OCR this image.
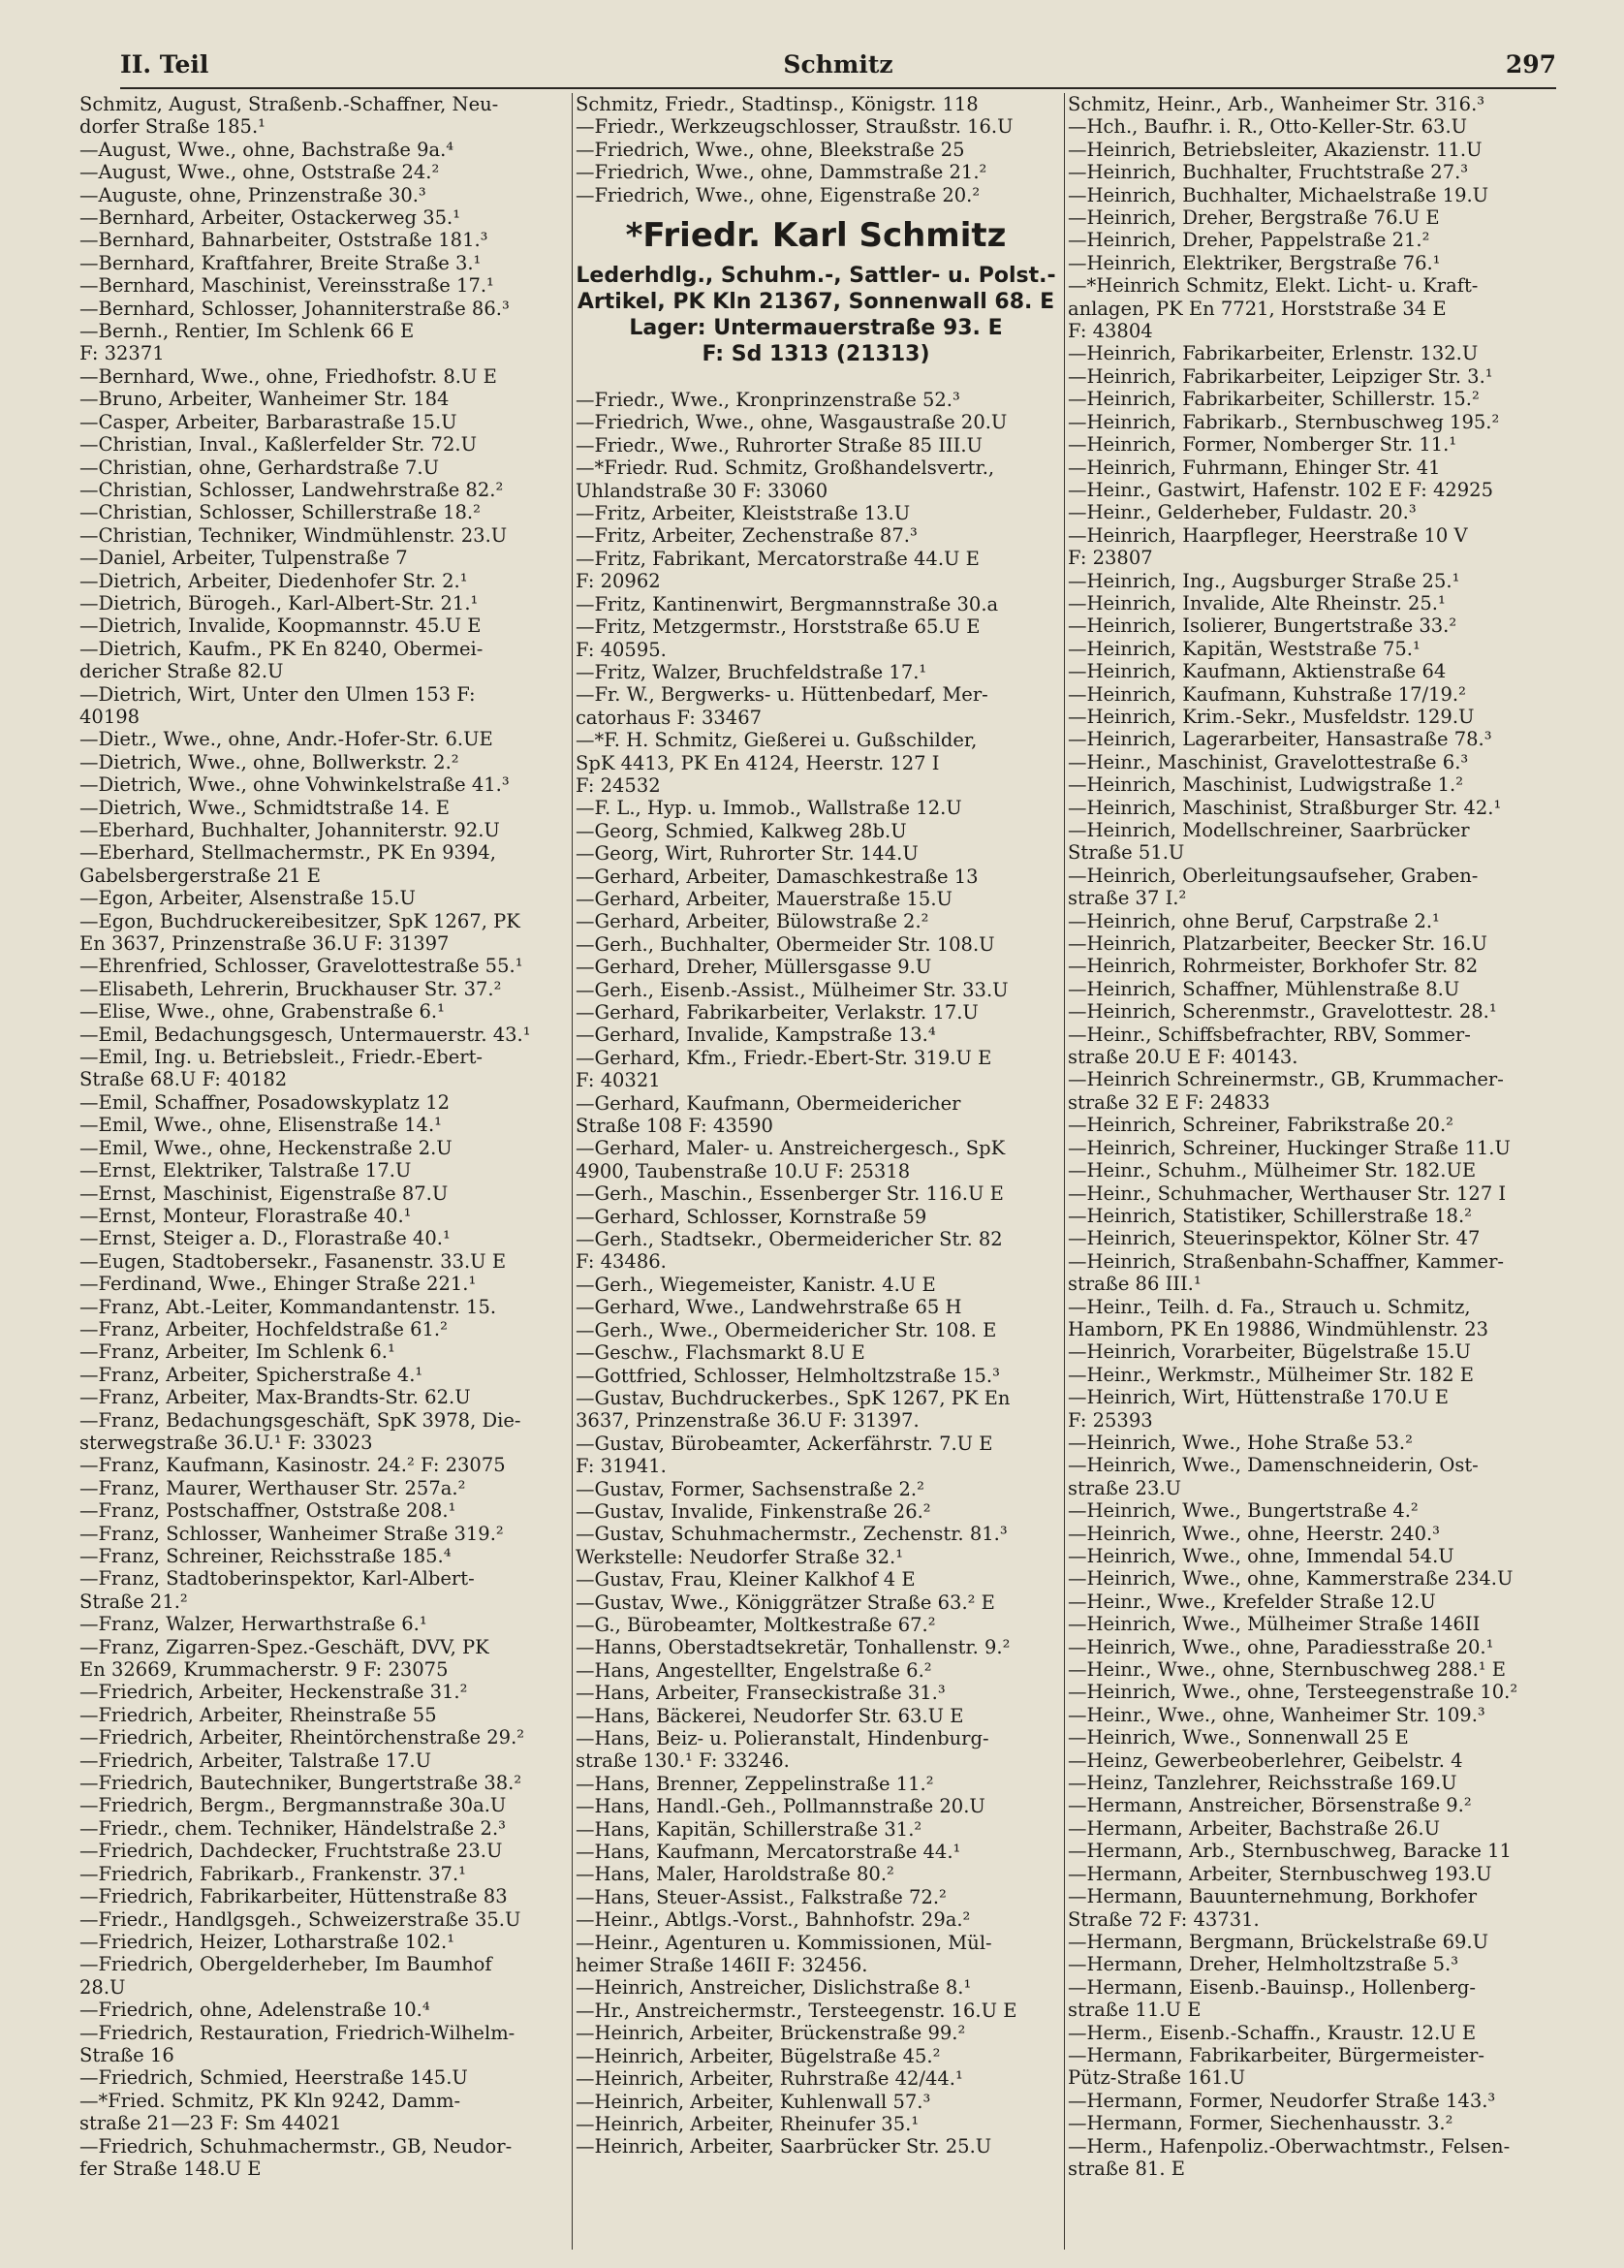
II. Teil	Schmitz	297
Schmitz, August, Straßenb.-Schaffner, Neu-
dorfer Straße 185.¹
—August, Wwe., ohne, Bachstraße 9a.⁴
—August, Wwe., ohne, Oststraße 24.²
—Auguste, ohne, Prinzenstraße 30.³
—Bernhard, Arbeiter, Ostackerweg 35.¹
—Bernhard, Bahnarbeiter, Oststraße 181.³
—Bernhard, Kraftfahrer, Breite Straße 3.¹
—Bernhard, Maschinist, Vereinsstraße 17.¹
—Bernhard, Schlosser, Johanniterstraße 86.³
—Bernh., Rentier, Im Schlenk 66 E
F: 32371
—Bernhard, Wwe., ohne, Friedhofstr. 8.U E
—Bruno, Arbeiter, Wanheimer Str. 184
—Casper, Arbeiter, Barbarastraße 15.U
—Christian, Inval., Kaßlerfelder Str. 72.U
—Christian, ohne, Gerhardstraße 7.U
—Christian, Schlosser, Landwehrstraße 82.²
—Christian, Schlosser, Schillerstraße 18.²
—Christian, Techniker, Windmühlenstr. 23.U
—Daniel, Arbeiter, Tulpenstraße 7
—Dietrich, Arbeiter, Diedenhofer Str. 2.¹
—Dietrich, Bürogeh., Karl-Albert-Str. 21.¹
—Dietrich, Invalide, Koopmannstr. 45.U E
—Dietrich, Kaufm., PK En 8240, Obermei-
dericher Straße 82.U
—Dietrich, Wirt, Unter den Ulmen 153 F:
40198
—Dietr., Wwe., ohne, Andr.-Hofer-Str. 6.UE
—Dietrich, Wwe., ohne, Bollwerkstr. 2.²
—Dietrich, Wwe., ohne Vohwinkelstraße 41.³
—Dietrich, Wwe., Schmidtstraße 14. E
—Eberhard, Buchhalter, Johanniterstr. 92.U
—Eberhard, Stellmachermstr., PK En 9394,
Gabelsbergerstraße 21 E
—Egon, Arbeiter, Alsenstraße 15.U
—Egon, Buchdruckereibesitzer, SpK 1267, PK
En 3637, Prinzenstraße 36.U F: 31397
—Ehrenfried, Schlosser, Gravelottestraße 55.¹
—Elisabeth, Lehrerin, Bruckhauser Str. 37.²
—Elise, Wwe., ohne, Grabenstraße 6.¹
—Emil, Bedachungsgesch, Untermauerstr. 43.¹
—Emil, Ing. u. Betriebsleit., Friedr.-Ebert-
Straße 68.U F: 40182
—Emil, Schaffner, Posadowskyplatz 12
—Emil, Wwe., ohne, Elisenstraße 14.¹
—Emil, Wwe., ohne, Heckenstraße 2.U
—Ernst, Elektriker, Talstraße 17.U
—Ernst, Maschinist, Eigenstraße 87.U
—Ernst, Monteur, Florastraße 40.¹
—Ernst, Steiger a. D., Florastraße 40.¹
—Eugen, Stadtobersekr., Fasanenstr. 33.U E
—Ferdinand, Wwe., Ehinger Straße 221.¹
—Franz, Abt.-Leiter, Kommandantenstr. 15.
—Franz, Arbeiter, Hochfeldstraße 61.²
—Franz, Arbeiter, Im Schlenk 6.¹
—Franz, Arbeiter, Spicherstraße 4.¹
—Franz, Arbeiter, Max-Brandts-Str. 62.U
—Franz, Bedachungsgeschäft, SpK 3978, Die-
sterwegstraße 36.U.¹ F: 33023
—Franz, Kaufmann, Kasinostr. 24.² F: 23075
—Franz, Maurer, Werthauser Str. 257a.²
—Franz, Postschaffner, Oststraße 208.¹
—Franz, Schlosser, Wanheimer Straße 319.²
—Franz, Schreiner, Reichsstraße 185.⁴
—Franz, Stadtoberinspektor, Karl-Albert-
Straße 21.²
—Franz, Walzer, Herwarthstraße 6.¹
—Franz, Zigarren-Spez.-Geschäft, DVV, PK
En 32669, Krummacherstr. 9 F: 23075
—Friedrich, Arbeiter, Heckenstraße 31.²
—Friedrich, Arbeiter, Rheinstraße 55
—Friedrich, Arbeiter, Rheintörchenstraße 29.²
—Friedrich, Arbeiter, Talstraße 17.U
—Friedrich, Bautechniker, Bungertstraße 38.²
—Friedrich, Bergm., Bergmannstraße 30a.U
—Friedr., chem. Techniker, Händelstraße 2.³
—Friedrich, Dachdecker, Fruchtstraße 23.U
—Friedrich, Fabrikarb., Frankenstr. 37.¹
—Friedrich, Fabrikarbeiter, Hüttenstraße 83
—Friedr., Handlgsgeh., Schweizerstraße 35.U
—Friedrich, Heizer, Lotharstraße 102.¹
—Friedrich, Obergelderheber, Im Baumhof
28.U
—Friedrich, ohne, Adelenstraße 10.⁴
—Friedrich, Restauration, Friedrich-Wilhelm-
Straße 16
—Friedrich, Schmied, Heerstraße 145.U
—*Fried. Schmitz, PK Kln 9242, Damm-
straße 21—23 F: Sm 44021
—Friedrich, Schuhmachermstr., GB, Neudor-
fer Straße 148.U E
Schmitz, Friedr., Stadtinsp., Königstr. 118
—Friedr., Werkzeugschlosser, Straußstr. 16.U
—Friedrich, Wwe., ohne, Bleekstraße 25
—Friedrich, Wwe., ohne, Dammstraße 21.²
—Friedrich, Wwe., ohne, Eigenstraße 20.²
*Friedr. Karl Schmitz
Lederhdlg., Schuhm.-, Sattler- u. Polst.-
Artikel, PK Kln 21367, Sonnenwall 68. E
Lager: Untermauerstraße 93. E
F: Sd 1313 (21313)
—Friedr., Wwe., Kronprinzenstraße 52.³
—Friedrich, Wwe., ohne, Wasgaustraße 20.U
—Friedr., Wwe., Ruhrorter Straße 85 III.U
—*Friedr. Rud. Schmitz, Großhandelsvertr.,
Uhlandstraße 30 F: 33060
—Fritz, Arbeiter, Kleiststraße 13.U
—Fritz, Arbeiter, Zechenstraße 87.³
—Fritz, Fabrikant, Mercatorstraße 44.U E
F: 20962
—Fritz, Kantinenwirt, Bergmannstraße 30.a
—Fritz, Metzgermstr., Horststraße 65.U E
F: 40595.
—Fritz, Walzer, Bruchfeldstraße 17.¹
—Fr. W., Bergwerks- u. Hüttenbedarf, Mer-
catorhaus F: 33467
—*F. H. Schmitz, Gießerei u. Gußschilder,
SpK 4413, PK En 4124, Heerstr. 127 I
F: 24532
—F. L., Hyp. u. Immob., Wallstraße 12.U
—Georg, Schmied, Kalkweg 28b.U
—Georg, Wirt, Ruhrorter Str. 144.U
—Gerhard, Arbeiter, Damaschkestraße 13
—Gerhard, Arbeiter, Mauerstraße 15.U
—Gerhard, Arbeiter, Bülowstraße 2.²
—Gerh., Buchhalter, Obermeider Str. 108.U
—Gerhard, Dreher, Müllersgasse 9.U
—Gerh., Eisenb.-Assist., Mülheimer Str. 33.U
—Gerhard, Fabrikarbeiter, Verlakstr. 17.U
—Gerhard, Invalide, Kampstraße 13.⁴
—Gerhard, Kfm., Friedr.-Ebert-Str. 319.U E
F: 40321
—Gerhard, Kaufmann, Obermeidericher
Straße 108 F: 43590
—Gerhard, Maler- u. Anstreichergesch., SpK
4900, Taubenstraße 10.U F: 25318
—Gerh., Maschin., Essenberger Str. 116.U E
—Gerhard, Schlosser, Kornstraße 59
—Gerh., Stadtsekr., Obermeidericher Str. 82
F: 43486.
—Gerh., Wiegemeister, Kanistr. 4.U E
—Gerhard, Wwe., Landwehrstraße 65 H
—Gerh., Wwe., Obermeidericher Str. 108. E
—Geschw., Flachsmarkt 8.U E
—Gottfried, Schlosser, Helmholtzstraße 15.³
—Gustav, Buchdruckerbes., SpK 1267, PK En
3637, Prinzenstraße 36.U F: 31397.
—Gustav, Bürobeamter, Ackerfährstr. 7.U E
F: 31941.
—Gustav, Former, Sachsenstraße 2.²
—Gustav, Invalide, Finkenstraße 26.²
—Gustav, Schuhmachermstr., Zechenstr. 81.³
Werkstelle: Neudorfer Straße 32.¹
—Gustav, Frau, Kleiner Kalkhof 4 E
—Gustav, Wwe., Königgrätzer Straße 63.² E
—G., Bürobeamter, Moltkestraße 67.²
—Hanns, Oberstadtsekretär, Tonhallenstr. 9.²
—Hans, Angestellter, Engelstraße 6.²
—Hans, Arbeiter, Franseckistraße 31.³
—Hans, Bäckerei, Neudorfer Str. 63.U E
—Hans, Beiz- u. Polieranstalt, Hindenburg-
straße 130.¹ F: 33246.
—Hans, Brenner, Zeppelinstraße 11.²
—Hans, Handl.-Geh., Pollmannstraße 20.U
—Hans, Kapitän, Schillerstraße 31.²
—Hans, Kaufmann, Mercatorstraße 44.¹
—Hans, Maler, Haroldstraße 80.²
—Hans, Steuer-Assist., Falkstraße 72.²
—Heinr., Abtlgs.-Vorst., Bahnhofstr. 29a.²
—Heinr., Agenturen u. Kommissionen, Mül-
heimer Straße 146II F: 32456.
—Heinrich, Anstreicher, Dislichstraße 8.¹
—Hr., Anstreichermstr., Tersteegenstr. 16.U E
—Heinrich, Arbeiter, Brückenstraße 99.²
—Heinrich, Arbeiter, Bügelstraße 45.²
—Heinrich, Arbeiter, Ruhrstraße 42/44.¹
—Heinrich, Arbeiter, Kuhlenwall 57.³
—Heinrich, Arbeiter, Rheinufer 35.¹
—Heinrich, Arbeiter, Saarbrücker Str. 25.U
Schmitz, Heinr., Arb., Wanheimer Str. 316.³
—Hch., Baufhr. i. R., Otto-Keller-Str. 63.U
—Heinrich, Betriebsleiter, Akazienstr. 11.U
—Heinrich, Buchhalter, Fruchtstraße 27.³
—Heinrich, Buchhalter, Michaelstraße 19.U
—Heinrich, Dreher, Bergstraße 76.U E
—Heinrich, Dreher, Pappelstraße 21.²
—Heinrich, Elektriker, Bergstraße 76.¹
—*Heinrich Schmitz, Elekt. Licht- u. Kraft-
anlagen, PK En 7721, Horststraße 34 E
F: 43804
—Heinrich, Fabrikarbeiter, Erlenstr. 132.U
—Heinrich, Fabrikarbeiter, Leipziger Str. 3.¹
—Heinrich, Fabrikarbeiter, Schillerstr. 15.²
—Heinrich, Fabrikarb., Sternbuschweg 195.²
—Heinrich, Former, Nomberger Str. 11.¹
—Heinrich, Fuhrmann, Ehinger Str. 41
—Heinr., Gastwirt, Hafenstr. 102 E F: 42925
—Heinr., Gelderheber, Fuldastr. 20.³
—Heinrich, Haarpfleger, Heerstraße 10 V
F: 23807
—Heinrich, Ing., Augsburger Straße 25.¹
—Heinrich, Invalide, Alte Rheinstr. 25.¹
—Heinrich, Isolierer, Bungertstraße 33.²
—Heinrich, Kapitän, Weststraße 75.¹
—Heinrich, Kaufmann, Aktienstraße 64
—Heinrich, Kaufmann, Kuhstraße 17/19.²
—Heinrich, Krim.-Sekr., Musfeldstr. 129.U
—Heinrich, Lagerarbeiter, Hansastraße 78.³
—Heinr., Maschinist, Gravelottestraße 6.³
—Heinrich, Maschinist, Ludwigstraße 1.²
—Heinrich, Maschinist, Straßburger Str. 42.¹
—Heinrich, Modellschreiner, Saarbrücker
Straße 51.U
—Heinrich, Oberleitungsaufseher, Graben-
straße 37 I.²
—Heinrich, ohne Beruf, Carpstraße 2.¹
—Heinrich, Platzarbeiter, Beecker Str. 16.U
—Heinrich, Rohrmeister, Borkhofer Str. 82
—Heinrich, Schaffner, Mühlenstraße 8.U
—Heinrich, Scherenmstr., Gravelottestr. 28.¹
—Heinr., Schiffsbefrachter, RBV, Sommer-
straße 20.U E F: 40143.
—Heinrich Schreinermstr., GB, Krummacher-
straße 32 E F: 24833
—Heinrich, Schreiner, Fabrikstraße 20.²
—Heinrich, Schreiner, Huckinger Straße 11.U
—Heinr., Schuhm., Mülheimer Str. 182.UE
—Heinr., Schuhmacher, Werthauser Str. 127 I
—Heinrich, Statistiker, Schillerstraße 18.²
—Heinrich, Steuerinspektor, Kölner Str. 47
—Heinrich, Straßenbahn-Schaffner, Kammer-
straße 86 III.¹
—Heinr., Teilh. d. Fa., Strauch u. Schmitz,
Hamborn, PK En 19886, Windmühlenstr. 23
—Heinrich, Vorarbeiter, Bügelstraße 15.U
—Heinr., Werkmstr., Mülheimer Str. 182 E
—Heinrich, Wirt, Hüttenstraße 170.U E
F: 25393
—Heinrich, Wwe., Hohe Straße 53.²
—Heinrich, Wwe., Damenschneiderin, Ost-
straße 23.U
—Heinrich, Wwe., Bungertstraße 4.²
—Heinrich, Wwe., ohne, Heerstr. 240.³
—Heinrich, Wwe., ohne, Immendal 54.U
—Heinrich, Wwe., ohne, Kammerstraße 234.U
—Heinr., Wwe., Krefelder Straße 12.U
—Heinrich, Wwe., Mülheimer Straße 146II
—Heinrich, Wwe., ohne, Paradiesstraße 20.¹
—Heinr., Wwe., ohne, Sternbuschweg 288.¹ E
—Heinrich, Wwe., ohne, Tersteegenstraße 10.²
—Heinr., Wwe., ohne, Wanheimer Str. 109.³
—Heinrich, Wwe., Sonnenwall 25 E
—Heinz, Gewerbeoberlehrer, Geibelstr. 4
—Heinz, Tanzlehrer, Reichsstraße 169.U
—Hermann, Anstreicher, Börsenstraße 9.²
—Hermann, Arbeiter, Bachstraße 26.U
—Hermann, Arb., Sternbuschweg, Baracke 11
—Hermann, Arbeiter, Sternbuschweg 193.U
—Hermann, Bauunternehmung, Borkhofer
Straße 72 F: 43731.
—Hermann, Bergmann, Brückelstraße 69.U
—Hermann, Dreher, Helmholtzstraße 5.³
—Hermann, Eisenb.-Bauinsp., Hollenberg-
straße 11.U E
—Herm., Eisenb.-Schaffn., Kraustr. 12.U E
—Hermann, Fabrikarbeiter, Bürgermeister-
Pütz-Straße 161.U
—Hermann, Former, Neudorfer Straße 143.³
—Hermann, Former, Siechenhausstr. 3.²
—Herm., Hafenpoliz.-Oberwachtmstr., Felsen-
straße 81. E
